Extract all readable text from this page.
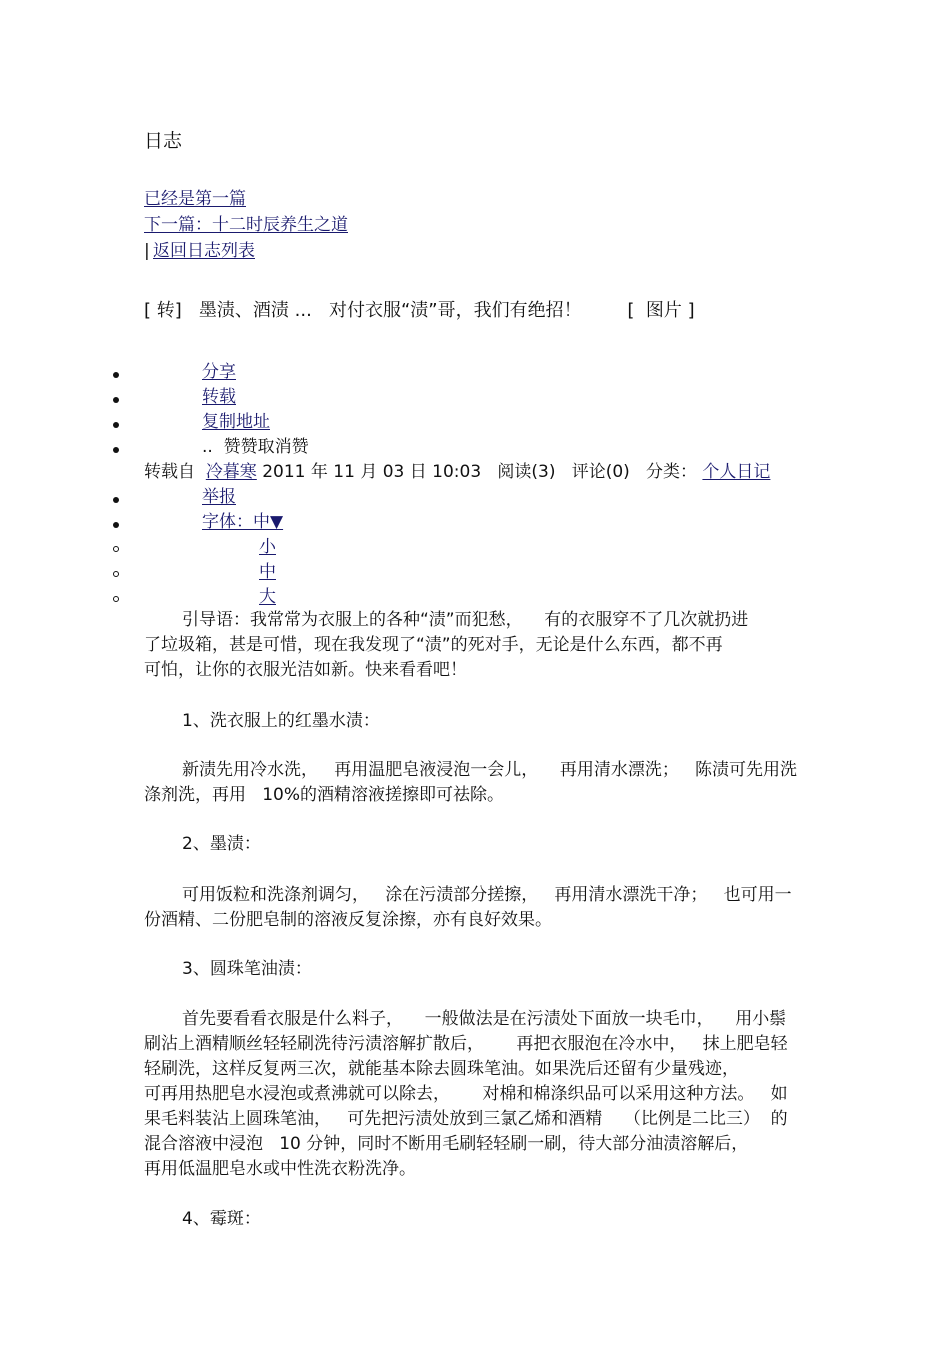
日志
已经是第一篇
下一篇：十二时辰养生之道
| 返回日志列表
[ 转]   墨渍、酒渍 ...   对付衣服“渍”哥，我们有绝招！        [  图片 ]
分享
转载
复制地址
..  赞赞取消赞
转载自 冷暮寒 2011 年 11 月 03 日 10:03 阅读(3) 评论(0) 分类： 个人日记
举报
字体：中▼
小
中
大
引导语：我常常为衣服上的各种“渍”而犯愁，    有的衣服穿不了几次就扔进
了垃圾箱，甚是可惜，现在我发现了“渍”的死对手，无论是什么东西，都不再
可怕，让你的衣服光洁如新。快来看看吧！
1、洗衣服上的红墨水渍：
新渍先用冷水洗，   再用温肥皂液浸泡一会儿，    再用清水漂洗；   陈渍可先用洗
涤剂洗，再用   10%的酒精溶液搓擦即可祛除。
2、墨渍：
可用饭粒和洗涤剂调匀，   涂在污渍部分搓擦，   再用清水漂洗干净；   也可用一
份酒精、二份肥皂制的溶液反复涂擦，亦有良好效果。
3、圆珠笔油渍：
首先要看看衣服是什么料子，    一般做法是在污渍处下面放一块毛巾，    用小鬃
刷沾上酒精顺丝轻轻刷洗待污渍溶解扩散后，      再把衣服泡在冷水中，   抹上肥皂轻
轻刷洗，这样反复两三次，就能基本除去圆珠笔油。如果洗后还留有少量残迹，
可再用热肥皂水浸泡或煮沸就可以除去，      对棉和棉涤织品可以采用这种方法。   如
果毛料装沾上圆珠笔油，   可先把污渍处放到三氯乙烯和酒精    （比例是二比三）  的
混合溶液中浸泡   10 分钟，同时不断用毛刷轻轻刷一刷，待大部分油渍溶解后，
再用低温肥皂水或中性洗衣粉洗净。
4、霉斑：
